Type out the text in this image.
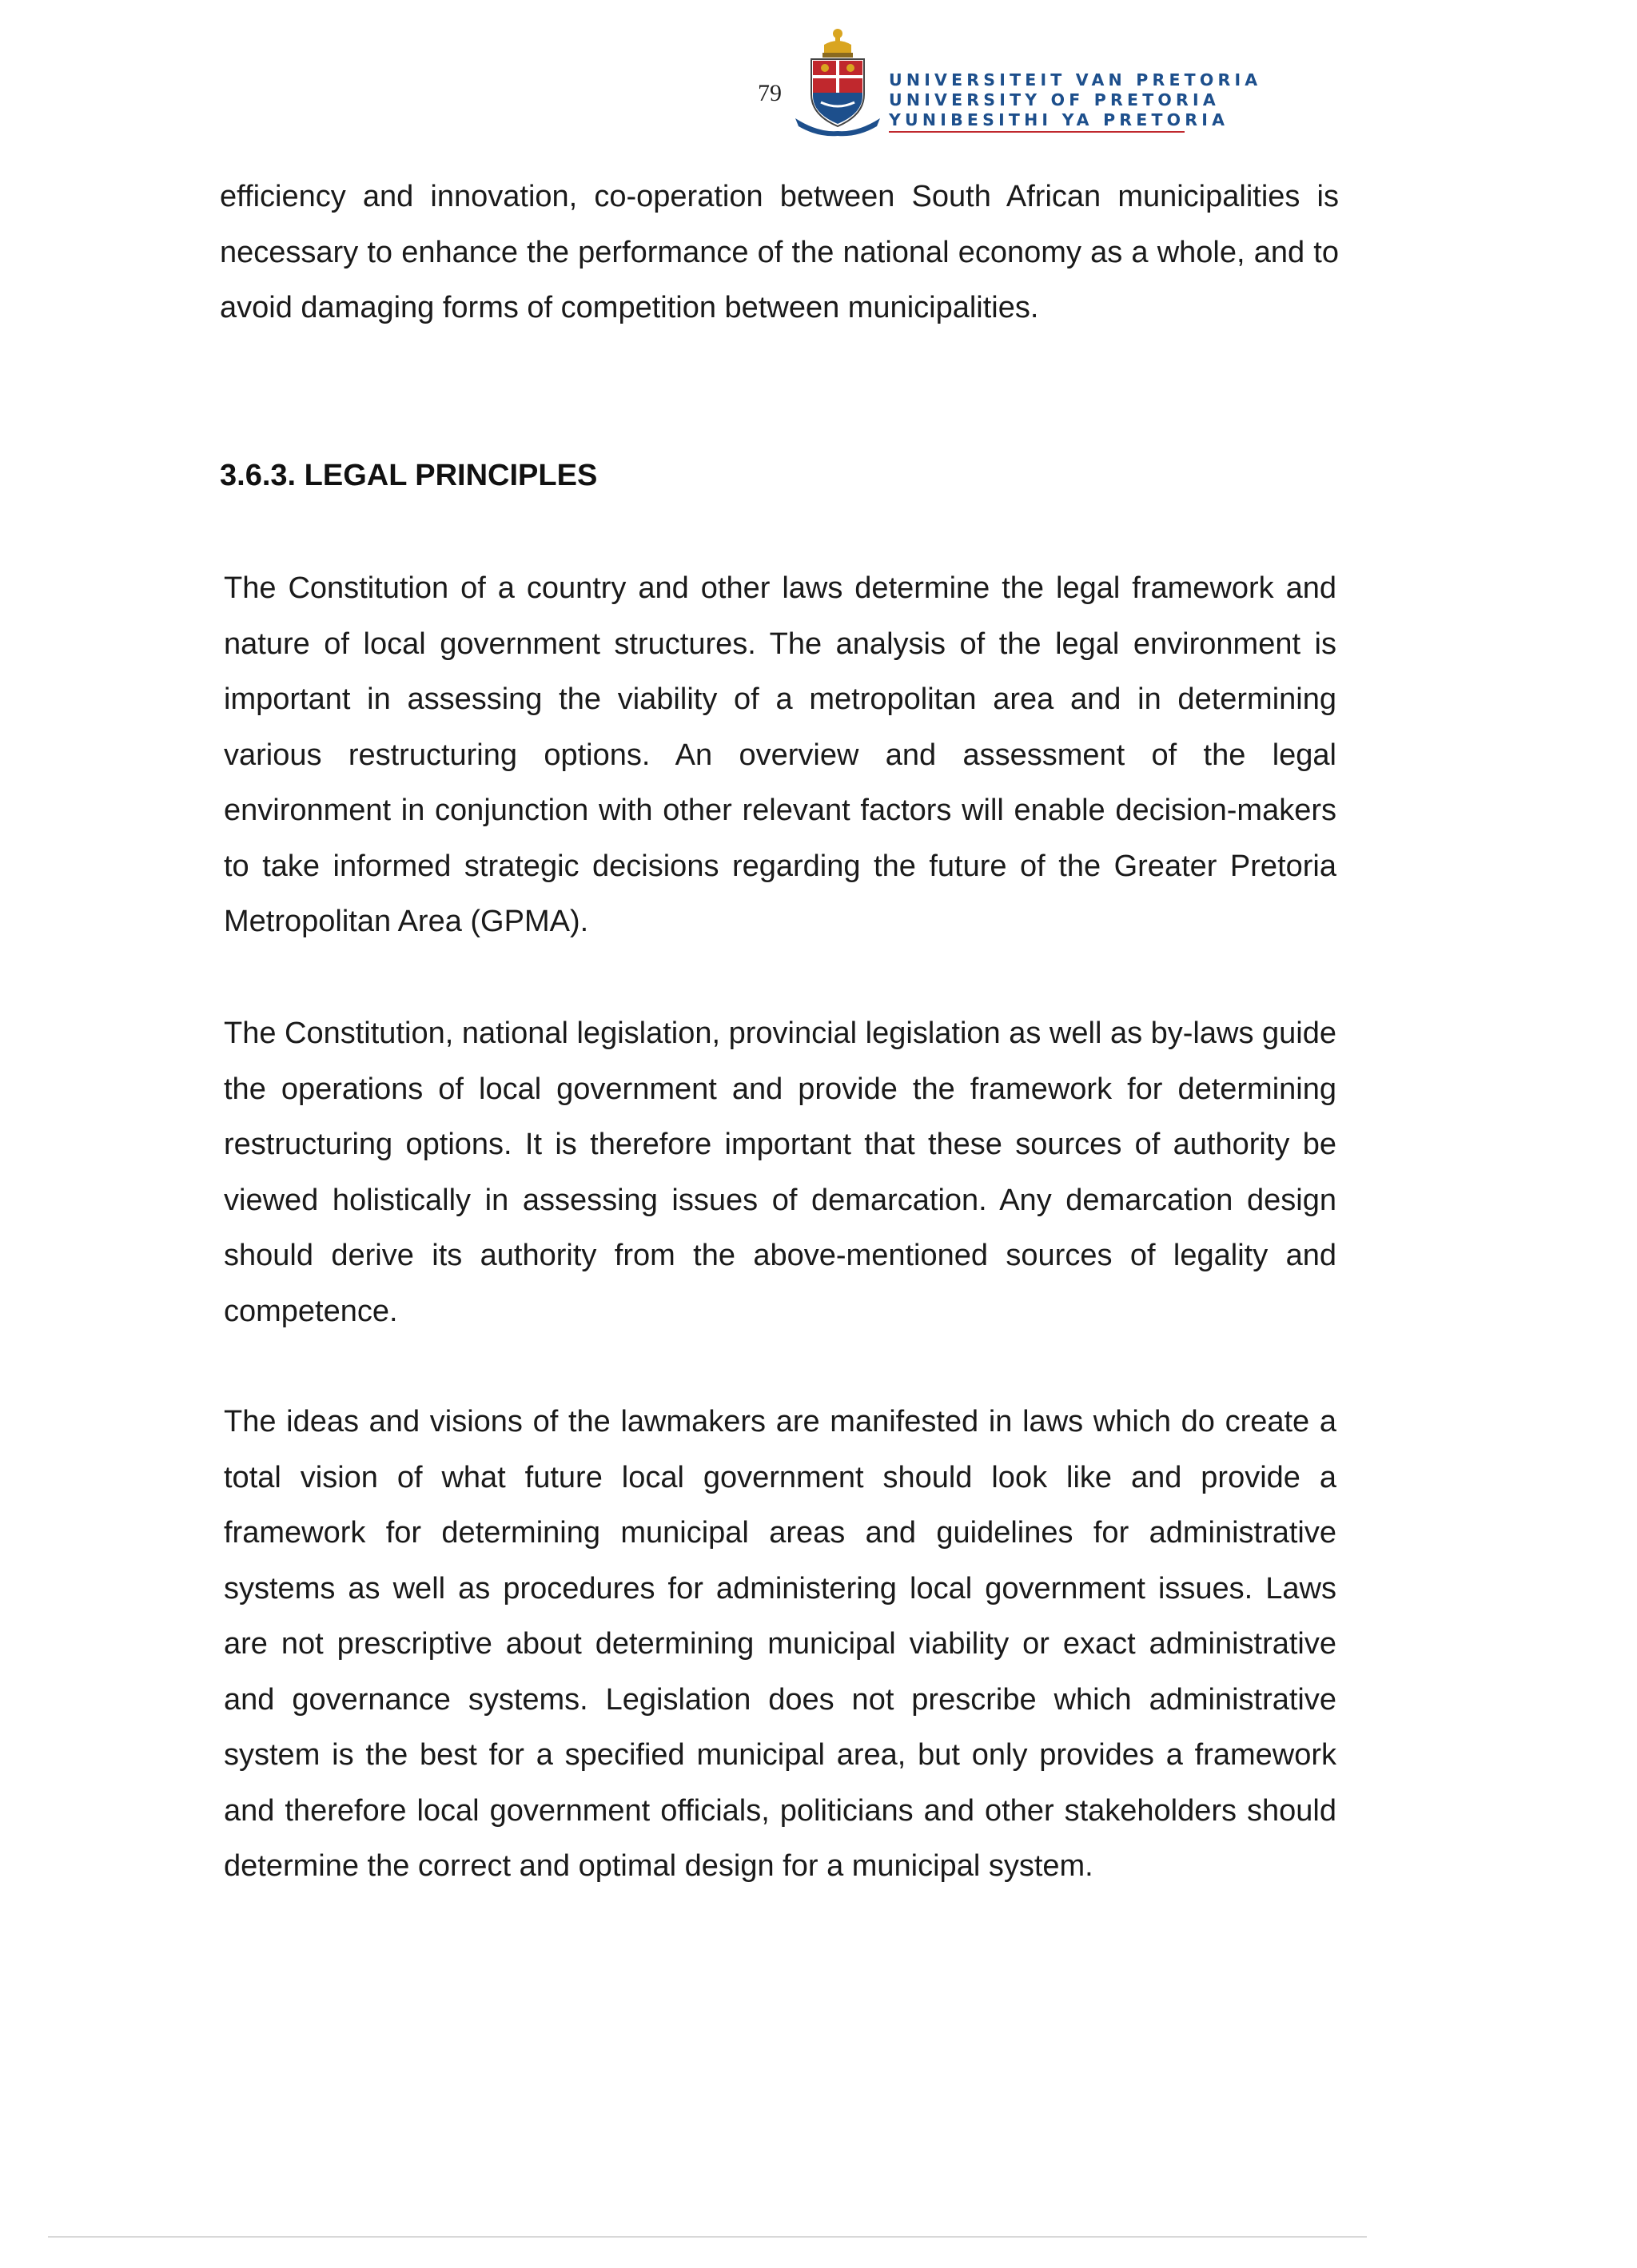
79	UNIVERSITEIT VAN PRETORIA
UNIVERSITY OF PRETORIA
YUNIBESITHI YA PRETORIA

efficiency and innovation, co-operation between South African municipalities is necessary to enhance the performance of the national economy as a whole, and to avoid damaging forms of competition between municipalities.

3.6.3. LEGAL PRINCIPLES

The Constitution of a country and other laws determine the legal framework and nature of local government structures. The analysis of the legal environment is important in assessing the viability of a metropolitan area and in determining various restructuring options. An overview and assessment of the legal environment in conjunction with other relevant factors will enable decision-makers to take informed strategic decisions regarding the future of the Greater Pretoria Metropolitan Area (GPMA).

The Constitution, national legislation, provincial legislation as well as by-laws guide the operations of local government and provide the framework for determining restructuring options. It is therefore important that these sources of authority be viewed holistically in assessing issues of demarcation. Any demarcation design should derive its authority from the above-mentioned sources of legality and competence.

The ideas and visions of the lawmakers are manifested in laws which do create a total vision of what future local government should look like and provide a framework for determining municipal areas and guidelines for administrative systems as well as procedures for administering local government issues. Laws are not prescriptive about determining municipal viability or exact administrative and governance systems. Legislation does not prescribe which administrative system is the best for a specified municipal area, but only provides a framework and therefore local government officials, politicians and other stakeholders should determine the correct and optimal design for a municipal system.
